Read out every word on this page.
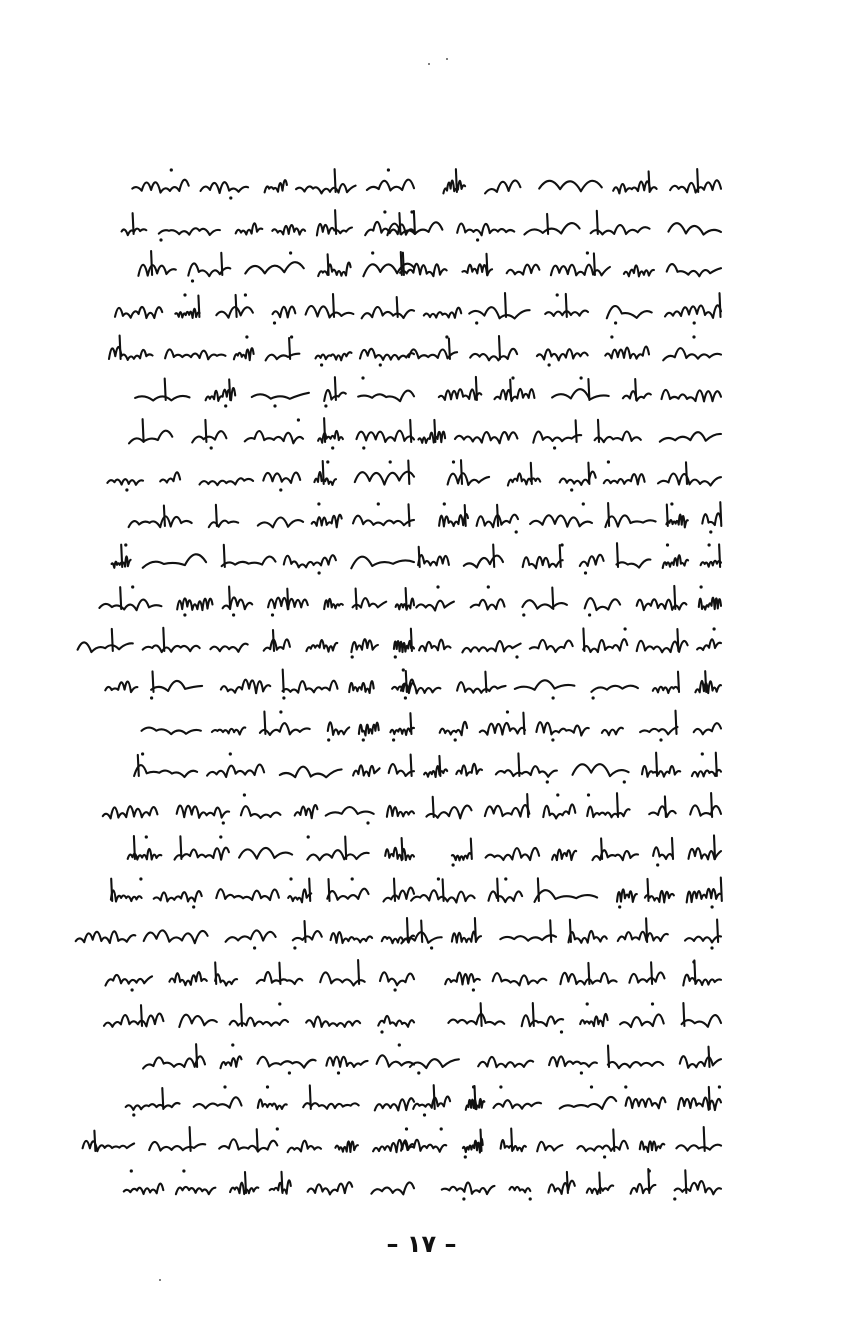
– ۱۷ –
